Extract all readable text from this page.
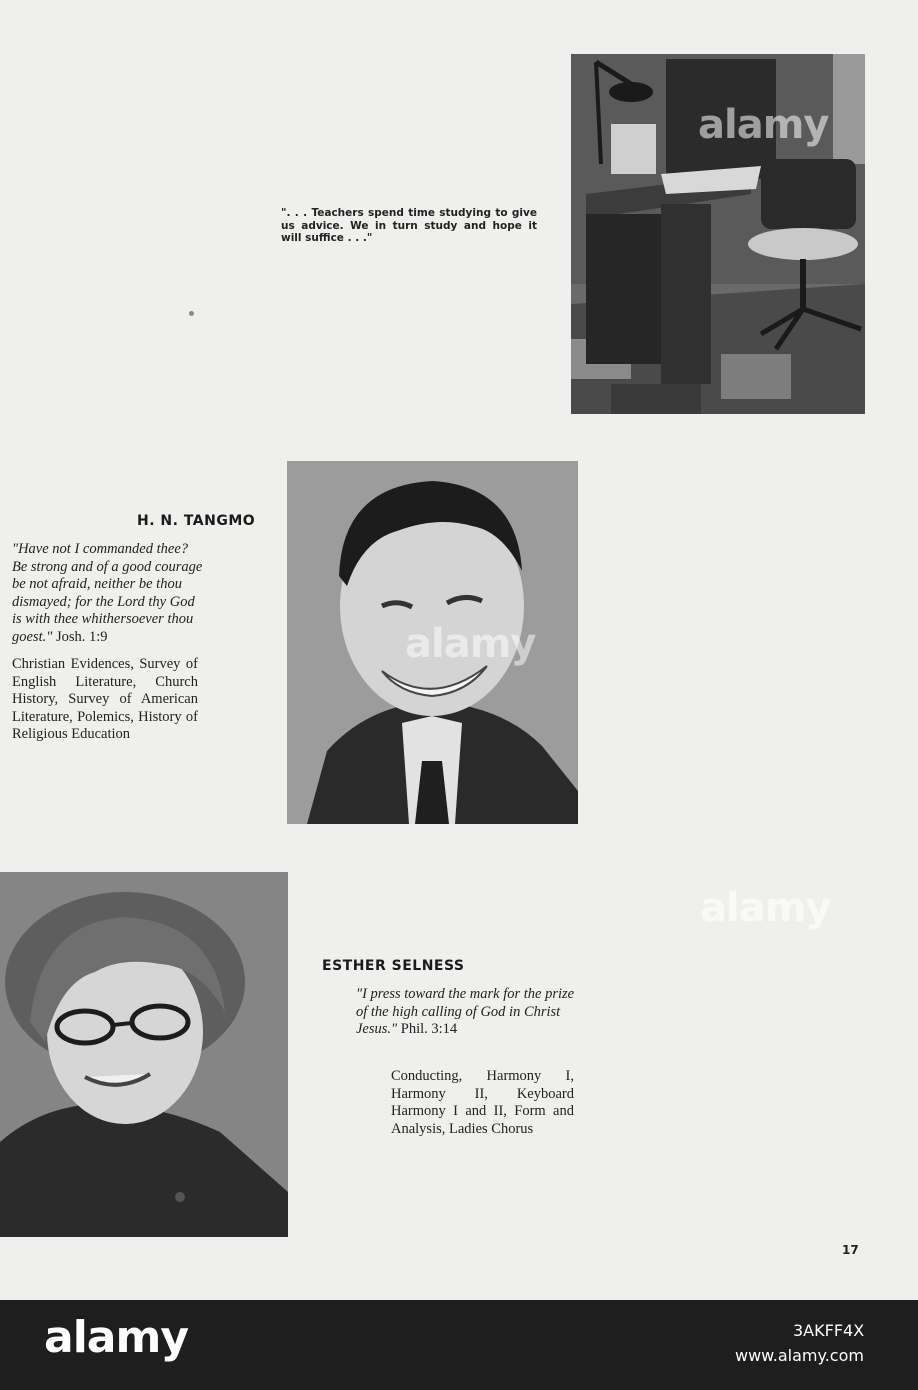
". . . Teachers spend time studying to give us advice. We in turn study and hope it will suffice . . ."
H. N. TANGMO
"Have not I commanded thee? Be strong and of a good courage be not afraid, neither be thou dismayed; for the Lord thy God is with thee whithersoever thou goest." Josh. 1:9
Christian Evidences, Survey of English Literature, Church History, Survey of American Literature, Polemics, History of Religious Education
alamy
ESTHER SELNESS
"I press toward the mark for the prize of the high calling of God in Christ Jesus." Phil. 3:14
Conducting, Harmony I, Harmony II, Keyboard Harmony I and II, Form and Analysis, Ladies Chorus
17
alamy
alamy
alamy	3AKFF4X
www.alamy.com
